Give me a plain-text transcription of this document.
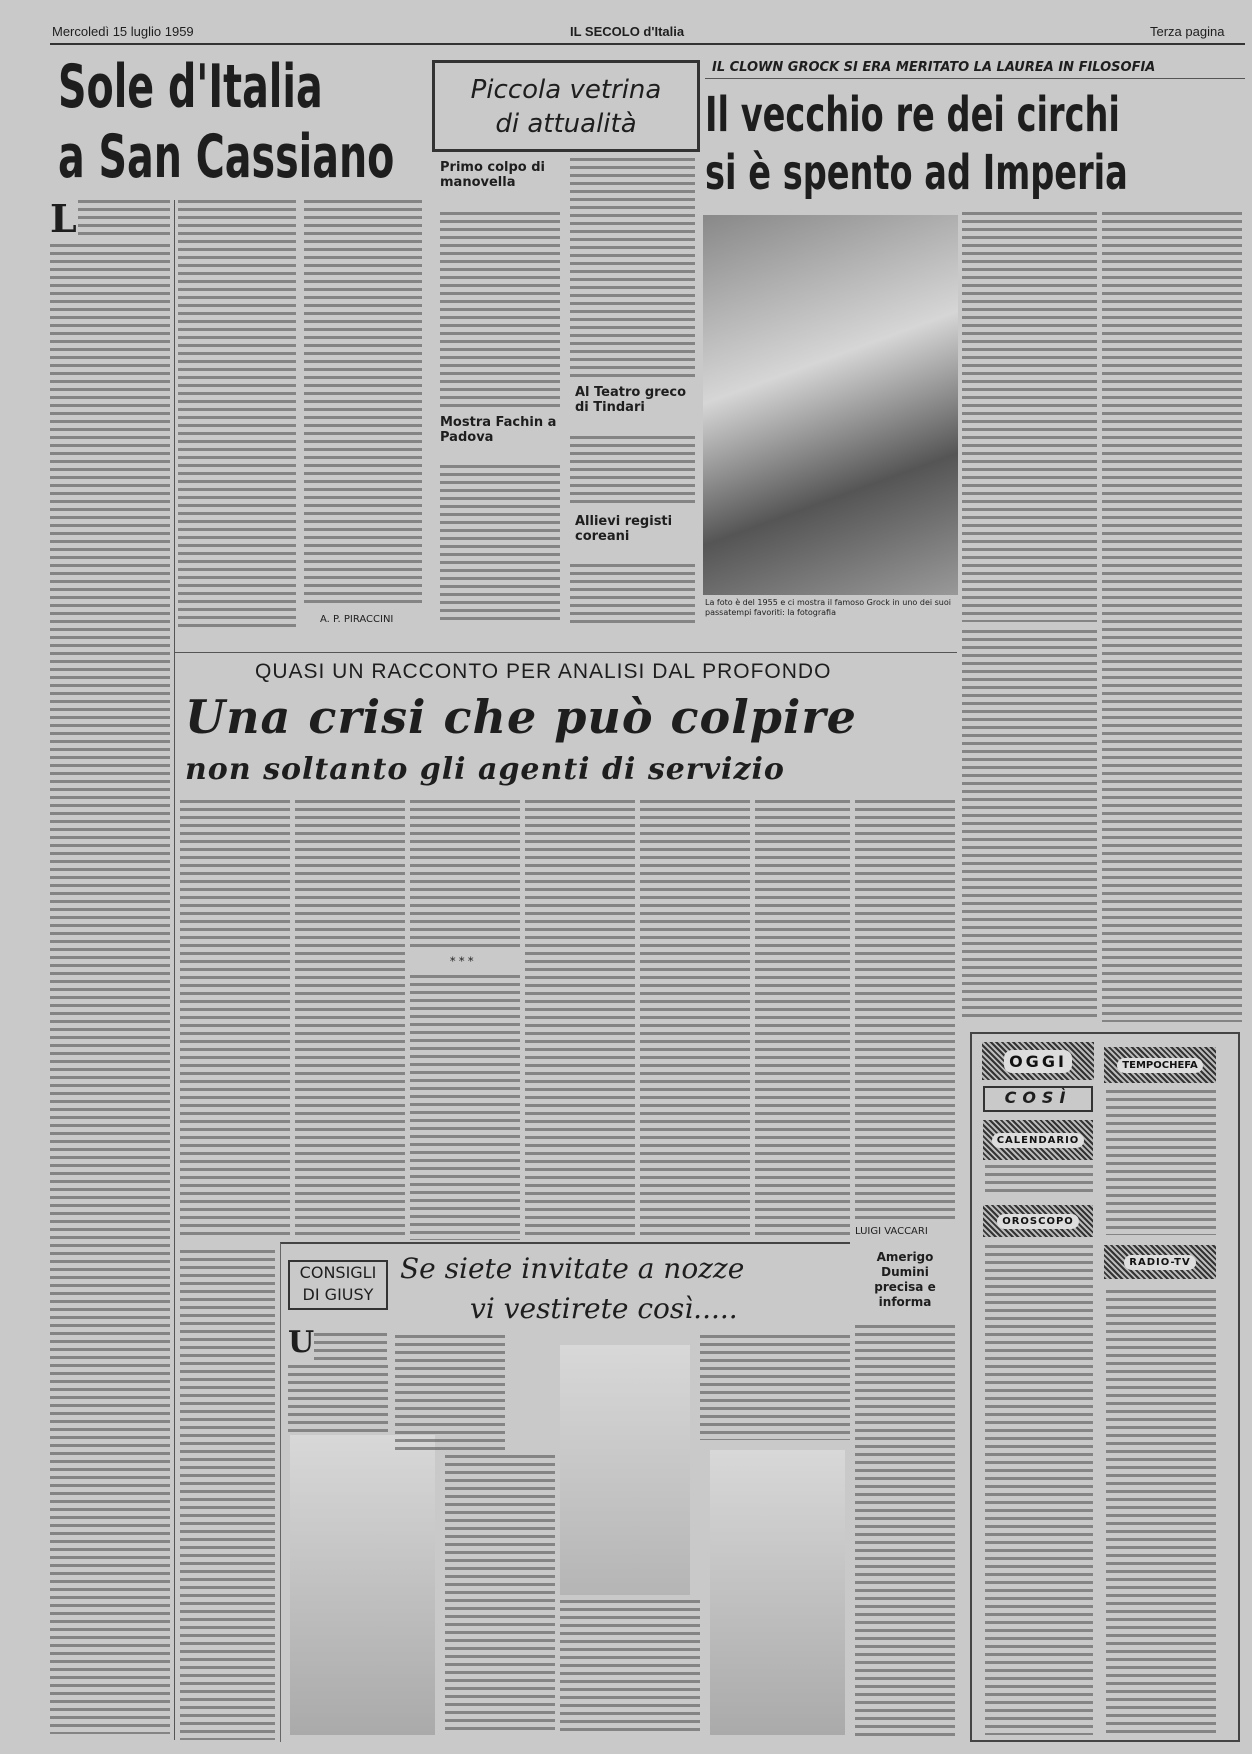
Mercoledì 15 luglio 1959	IL SECOLO d'Italia	Terza pagina
Sole d'Italia
a San Cassiano
L
A. P. PIRACCINI
Piccola vetrina
di attualità
Primo colpo di manovella
Mostra Fachin a Padova
Al Teatro greco di Tindari
Allievi registi coreani
IL CLOWN GROCK SI ERA MERITATO LA LAUREA IN FILOSOFIA
Il vecchio re dei circhi
si è spento ad Imperia
La foto è del 1955 e ci mostra il famoso Grock in uno dei suoi passatempi favoriti: la fotografia
QUASI UN RACCONTO PER ANALISI DAL PROFONDO
Una crisi che può colpire
non soltanto gli agenti di servizio
* * *
LUIGI VACCARI
Amerigo Dumini
precisa e informa
CONSIGLI
DI GIUSY
Se siete invitate a nozze
vi vestirete così.....
U
OGGI
COSÌ
CALENDARIO
OROSCOPO
TEMPOCHEFA
RADIO-TV
